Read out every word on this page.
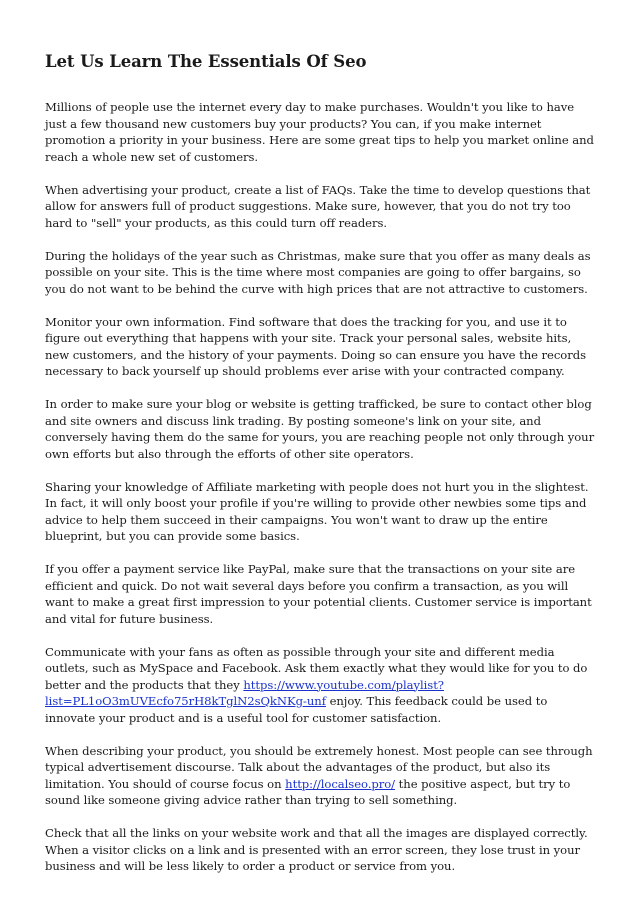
Let Us Learn The Essentials Of Seo

Millions of people use the internet every day to make purchases. Wouldn't you like to have just a few thousand new customers buy your products? You can, if you make internet promotion a priority in your business. Here are some great tips to help you market online and reach a whole new set of customers.

When advertising your product, create a list of FAQs. Take the time to develop questions that allow for answers full of product suggestions. Make sure, however, that you do not try too hard to "sell" your products, as this could turn off readers.

During the holidays of the year such as Christmas, make sure that you offer as many deals as possible on your site. This is the time where most companies are going to offer bargains, so you do not want to be behind the curve with high prices that are not attractive to customers.

Monitor your own information. Find software that does the tracking for you, and use it to figure out everything that happens with your site. Track your personal sales, website hits, new customers, and the history of your payments. Doing so can ensure you have the records necessary to back yourself up should problems ever arise with your contracted company.

In order to make sure your blog or website is getting trafficked, be sure to contact other blog and site owners and discuss link trading. By posting someone's link on your site, and conversely having them do the same for yours, you are reaching people not only through your own efforts but also through the efforts of other site operators.

Sharing your knowledge of Affiliate marketing with people does not hurt you in the slightest. In fact, it will only boost your profile if you're willing to provide other newbies some tips and advice to help them succeed in their campaigns. You won't want to draw up the entire blueprint, but you can provide some basics.

If you offer a payment service like PayPal, make sure that the transactions on your site are efficient and quick. Do not wait several days before you confirm a transaction, as you will want to make a great first impression to your potential clients. Customer service is important and vital for future business.

Communicate with your fans as often as possible through your site and different media outlets, such as MySpace and Facebook. Ask them exactly what they would like for you to do better and the products that they https://www.youtube.com/playlist?list=PL1oO3mUVEcfo75rH8kTglN2sQkNKg-unf enjoy. This feedback could be used to innovate your product and is a useful tool for customer satisfaction.

When describing your product, you should be extremely honest. Most people can see through typical advertisement discourse. Talk about the advantages of the product, but also its limitation. You should of course focus on http://localseo.pro/ the positive aspect, but try to sound like someone giving advice rather than trying to sell something.

Check that all the links on your website work and that all the images are displayed correctly. When a visitor clicks on a link and is presented with an error screen, they lose trust in your business and will be less likely to order a product or service from you.
